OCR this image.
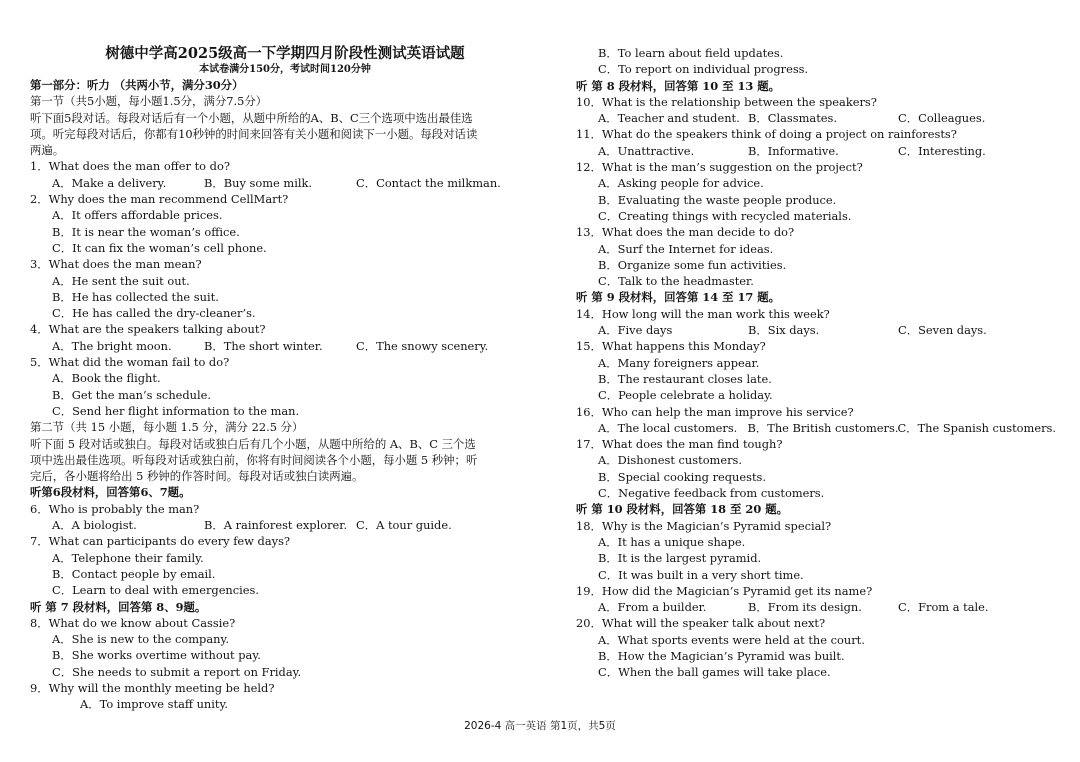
树德中学高2025级高一下学期四月阶段性测试英语试题
本试卷满分150分，考试时间120分钟
第一部分：听力 （共两小节，满分30分）
第一节（共5小题，每小题1.5分，满分7.5分）
听下面5段对话。每段对话后有一个小题，从题中所给的A、B、C三个选项中选出最佳选
项。听完每段对话后，你都有10秒钟的时间来回答有关小题和阅读下一小题。每段对话读
两遍。
1．What does the man offer to do?
A．Make a delivery.	B．Buy some milk.	C．Contact the milkman.
2．Why does the man recommend CellMart?
A．It offers affordable prices.
B．It is near the woman’s office.
C．It can fix the woman’s cell phone.
3．What does the man mean?
A．He sent the suit out.
B．He has collected the suit.
C．He has called the dry-cleaner’s.
4．What are the speakers talking about?
A．The bright moon.	B．The short winter.	C．The snowy scenery.
5．What did the woman fail to do?
A．Book the flight.
B．Get the man’s schedule.
C．Send her flight information to the man.
第二节（共 15 小题，每小题 1.5 分，满分 22.5 分）
听下面 5 段对话或独白。每段对话或独白后有几个小题，从题中所给的 A、B、C 三个选
项中选出最佳选项。听每段对话或独白前，你将有时间阅读各个小题，每小题 5 秒钟；听
完后，各小题将给出 5 秒钟的作答时间。每段对话或独白读两遍。
听第6段材料，回答第6、7题。
6．Who is probably the man?
A．A biologist.	B．A rainforest explorer. C．A tour guide.
7．What can participants do every few days?
A．Telephone their family.
B．Contact people by email.
C．Learn to deal with emergencies.
听 第 7 段材料，回答第 8、9题。
8．What do we know about Cassie?
A．She is new to the company.
B．She works overtime without pay.
C．She needs to submit a report on Friday.
9．Why will the monthly meeting be held?
A．To improve staff unity.
B．To learn about field updates.
C．To report on individual progress.
听 第 8 段材料，回答第 10 至 13 题。
10．What is the relationship between the speakers?
A．Teacher and student. B．Classmates.	C．Colleagues.
11．What do the speakers think of doing a project on rainforests?
A．Unattractive.	B．Informative.	C．Interesting.
12．What is the man’s suggestion on the project?
A．Asking people for advice.
B．Evaluating the waste people produce.
C．Creating things with recycled materials.
13．What does the man decide to do?
A．Surf the Internet for ideas.
B．Organize some fun activities.
C．Talk to the headmaster.
听 第 9 段材料，回答第 14 至 17 题。
14．How long will the man work this week?
A．Five days	B．Six days.	C．Seven days.
15．What happens this Monday?
A．Many foreigners appear.
B．The restaurant closes late.
C．People celebrate a holiday.
16．Who can help the man improve his service?
A．The local customers. B．The British customers. C．The Spanish customers.
17．What does the man find tough?
A．Dishonest customers.
B．Special cooking requests.
C．Negative feedback from customers.
听 第 10 段材料，回答第 18 至 20 题。
18．Why is the Magician’s Pyramid special?
A．It has a unique shape.
B．It is the largest pyramid.
C．It was built in a very short time.
19．How did the Magician’s Pyramid get its name?
A．From a builder.	B．From its design.	C．From a tale.
20．What will the speaker talk about next?
A．What sports events were held at the court.
B．How the Magician’s Pyramid was built.
C．When the ball games will take place.
2026-4 高一英语 第1页，共5页
